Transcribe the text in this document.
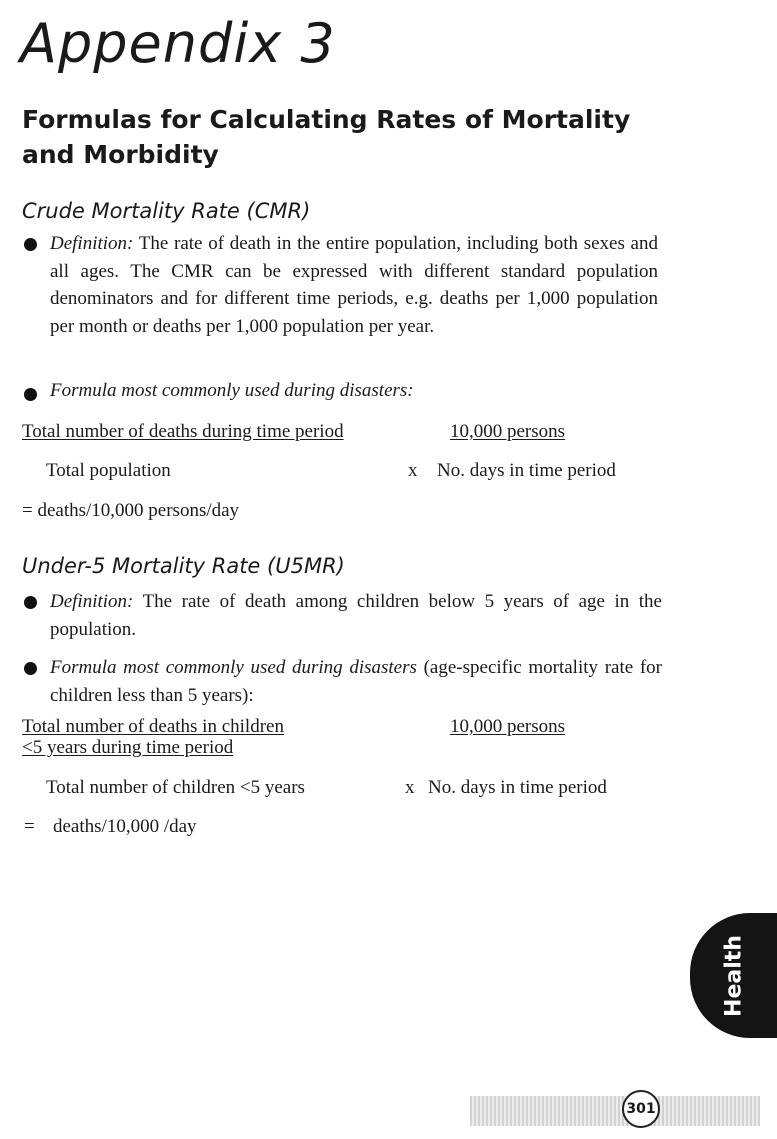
Appendix 3
Formulas for Calculating Rates of Mortality
and Morbidity
Crude Mortality Rate (CMR)
Definition: The rate of death in the entire population, including both sexes and all ages. The CMR can be expressed with different standard population denominators and for different time periods, e.g. deaths per 1,000 population per month or deaths per 1,000 population per year.
Formula most commonly used during disasters:
Total number of deaths during time period	10,000 persons
Total population	x No. days in time period
= deaths/10,000 persons/day
Under-5 Mortality Rate (U5MR)
Definition: The rate of death among children below 5 years of age in the population.
Formula most commonly used during disasters (age-specific mortality rate for children less than 5 years):
Total number of deaths in children
<5 years during time period
10,000 persons
Total number of children <5 years	x No. days in time period
= deaths/10,000 /day
Health
301
